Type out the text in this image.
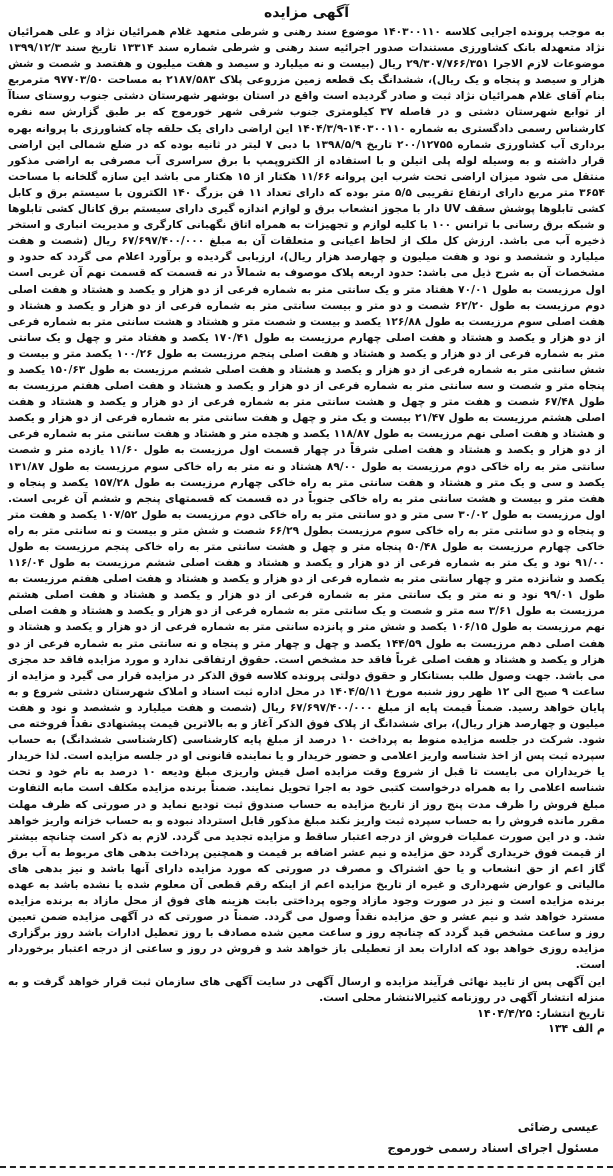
آگهی مزایده

به موجب پرونده اجرایی کلاسه ۱۴۰۳۰۰۱۱۰ موضوع سند رهنی و شرطی متعهد غلام همرائیان نژاد و علی همرائیان نژاد متعهدله بانک کشاورزی مستندات صدور اجرائیه سند رهنی و شرطی شماره سند ۱۳۳۱۴ تاریخ سند ۱۳۹۹/۱۲/۳ موضوعات لازم الاجرا ۲۹/۳۰۷/۷۶۶/۳۵۱ ریال (بیست و نه میلیارد و سیصد و هفت میلیون و هفتصد و شصت و شش هزار و سیصد و پنجاه و یک ریال)، ششدانگ یک قطعه زمین مزروعی پلاک ۲۱۸۷/۵۸۳ به مساحت ۹۷۷۰۳/۵۰ مترمربع بنام آقای غلام همرائیان نژاد ثبت و صادر گردیده است واقع در استان بوشهر شهرستان دشتی جنوب روستای سناآ از توابع شهرستان دشتی و در فاصله ۳۷ کیلومتری جنوب شرقی شهر خورموج که بر طبق گزارش سه نفره کارشناس رسمی دادگستری به شماره ۱۴۰۳۰۰۱۱۰-۱۴۰۴/۳/۹ این اراضی دارای یک حلقه چاه کشاورزی با پروانه بهره برداری آب کشاورزی شماره ۲۰۰/۱۲۷۵۵ تاریخ ۱۳۹۸/۵/۹ با دبی ۷ لیتر در ثانیه بوده که در ضلع شمالی این اراضی قرار داشته و به وسیله لوله پلی اتیلن و با استفاده از الکتروپمپ با برق سراسری آب مصرفی به اراضی مذکور منتقل می شود میزان اراضی تحت شرب این پروانه ۱۱/۶۶ هکتار از ۱۵ هکتار می باشد این سازه گلخانه با مساحت ۳۶۵۴ متر مربع دارای ارتفاع تقریبی ۵/۵ متر بوده که دارای تعداد ۱۱ فن بزرگ ۱۴۰ الکترون با سیستم برق و کابل کشی تابلوها پوشش سقف UV دار با مجوز انشعاب برق و لوازم اندازه گیری دارای سیستم برق کانال کشی تابلوها و شبکه برق رسانی با ترانس ۱۰۰ با کلیه لوازم و تجهیزات به همراه اتاق نگهبانی کارگری و مدیریت انباری و استخر ذخیره آب می باشد. ارزش کل ملک از لحاظ اعیانی و متعلقات آن به مبلغ ۶۷/۶۹۷/۴۰۰/۰۰۰ ریال (شصت و هفت میلیارد و ششصد و نود و هفت میلیون و چهارصد هزار ریال)، ارزیابی گردیده و برآورد اعلام می گردد که حدود و مشخصات آن به شرح ذیل می باشد: حدود اربعه پلاک موصوف به شمالاً در نه قسمت که قسمت نهم آن غربی است اول مرزیست به طول ۷۰/۰۱ هفتاد متر و یک سانتی متر به شماره فرعی از دو هزار و یکصد و هشتاد و هفت اصلی دوم مرزیست به طول ۶۲/۲۰ شصت و دو متر و بیست سانتی متر به شماره فرعی از دو هزار و یکصد و هشتاد و هفت اصلی سوم مرزیست به طول ۱۲۶/۸۸ یکصد و بیست و شصت متر و هشتاد و هشت سانتی متر به شماره فرعی از دو هزار و یکصد و هشتاد و هفت اصلی چهارم مرزیست به طول ۱۷۰/۴۱ یکصد و هفتاد متر و چهل و یک سانتی متر به شماره فرعی از دو هزار و یکصد و هشتاد و هفت اصلی پنجم مرزیست به طول ۱۰۰/۲۶ یکصد متر و بیست و شش سانتی متر به شماره فرعی از دو هزار و یکصد و هشتاد و هفت اصلی ششم مرزیست به طول ۱۵۰/۶۳ یکصد و پنجاه متر و شصت و سه سانتی متر به شماره فرعی از دو هزار و یکصد و هشتاد و هفت اصلی هفتم مرزیست به طول ۶۷/۴۸ شصت و هفت متر و چهل و هشت سانتی متر به شماره فرعی از دو هزار و یکصد و هشتاد و هفت اصلی هشتم مرزیست به طول ۲۱/۴۷ بیست و یک متر و چهل و هفت سانتی متر به شماره فرعی از دو هزار و یکصد و هشتاد و هفت اصلی نهم مرزیست به طول ۱۱۸/۸۷ یکصد و هجده متر و هشتاد و هفت سانتی متر به شماره فرعی از دو هزار و یکصد و هشتاد و هفت اصلی شرقاً در چهار قسمت اول مرزیست به طول ۱۱/۶۰ یازده متر و شصت سانتی متر به راه خاکی دوم مرزیست به طول ۸۹/۰۰ هشتاد و نه متر به راه خاکی سوم مرزیست به طول ۱۳۱/۸۷ یکصد و سی و یک متر و هشتاد و هفت سانتی متر به راه خاکی چهارم مرزیست به طول ۱۵۷/۲۸ یکصد و پنجاه و هفت متر و بیست و هشت سانتی متر به راه خاکی جنوباً در ده قسمت که قسمتهای پنجم و ششم آن غربی است. اول مرزیست به طول ۳۰/۰۲ سی متر و دو سانتی متر به راه خاکی دوم مرزیست به طول ۱۰۷/۵۲ یکصد و هفت متر و پنجاه و دو سانتی متر به راه خاکی سوم مرزیست بطول ۶۶/۲۹ شصت و شش متر و بیست و نه سانتی متر به راه خاکی چهارم مرزیست به طول ۵۰/۴۸ پنجاه متر و چهل و هشت سانتی متر به راه خاکی پنجم مرزیست به طول ۹۱/۰۰ نود و یک متر به شماره فرعی از دو هزار و یکصد و هشتاد و هفت اصلی ششم مرزیست به طول ۱۱۶/۰۴ یکصد و شانزده متر و چهار سانتی متر به شماره فرعی از دو هزار و یکصد و هشتاد و هفت اصلی هفتم مرزیست به طول ۹۹/۰۱ نود و نه متر و یک سانتی متر به شماره فرعی از دو هزار و یکصد و هشتاد و هفت اصلی هشتم مرزیست به طول ۳/۶۱ سه متر و شصت و یک سانتی متر به شماره فرعی از دو هزار و یکصد و هشتاد و هفت اصلی نهم مرزیست به طول ۱۰۶/۱۵ یکصد و شش متر و پانزده سانتی متر به شماره فرعی از دو هزار و یکصد و هشتاد و هفت اصلی دهم مرزیست به طول ۱۴۴/۵۹ یکصد و چهل و چهار متر و پنجاه و نه سانتی متر به شماره فرعی از دو هزار و یکصد و هشتاد و هفت اصلی غرباً فاقد حد مشخص است. حقوق ارتفاقی ندارد و مورد مزایده فاقد حد مجزی می باشد. جهت وصول طلب بستانکار و حقوق دولتی پرونده کلاسه فوق الذکر در مزایده قرار می گیرد و مزایده از ساعت ۹ صبح الی ۱۲ ظهر روز شنبه مورخ ۱۴۰۴/۵/۱۱ در محل اداره ثبت اسناد و املاک شهرستان دشتی شروع و به پایان خواهد رسید. ضمناً قیمت پایه از مبلغ ۶۷/۶۹۷/۴۰۰/۰۰۰ ریال (شصت و هفت میلیارد و ششصد و نود و هفت میلیون و چهارصد هزار ریال)، برای ششدانگ از پلاک فوق الذکر آغاز و به بالاترین قیمت پیشنهادی نقداً فروخته می شود. شرکت در جلسه مزایده منوط به پرداخت ۱۰ درصد از مبلغ پایه کارشناسی (کارشناسی ششدانگ) به حساب سپرده ثبت پس از اخذ شناسه واریز اعلامی و حضور خریدار و یا نماینده قانونی او در جلسه مزایده است. لذا خریدار یا خریداران می بایست تا قبل از شروع وقت مزایده اصل فیش واریزی مبلغ ودیعه ۱۰ درصد به نام خود و تحت شناسه اعلامی را به همراه درخواست کتبی خود به اجرا تحویل نمایند. ضمناً برنده مزایده مکلف است مابه التفاوت مبلغ فروش را ظرف مدت پنج روز از تاریخ مزایده به حساب صندوق ثبت تودیع نماید و در صورتی که ظرف مهلت مقرر مانده فروش را به حساب سپرده ثبت واریز نکند مبلغ مذکور قابل استرداد نبوده و به حساب خزانه واریز خواهد شد. و در این صورت عملیات فروش از درجه اعتبار ساقط و مزایده تجدید می گردد. لازم به ذکر است چنانچه بیشتر از قیمت فوق خریداری گردد حق مزایده و نیم عشر اضافه بر قیمت و همچنین پرداخت بدهی های مربوط به آب برق گاز اعم از حق انشعاب و یا حق اشتراک و مصرف در صورتی که مورد مزایده دارای آنها باشد و نیز بدهی های مالیاتی و عوارض شهرداری و غیره از تاریخ مزایده اعم از اینکه رقم قطعی آن معلوم شده یا نشده باشد به عهده برنده مزایده است و نیز در صورت وجود مازاد وجوه پرداختی بابت هزینه های فوق از محل مازاد به برنده مزایده مسترد خواهد شد و نیم عشر و حق مزایده نقداً وصول می گردد. ضمناً در صورتی که در آگهی مزایده ضمن تعیین روز و ساعت مشخص قید گردد که چنانچه روز و ساعت معین شده مصادف با روز تعطیل ادارات باشد روز برگزاری مزایده روزی خواهد بود که ادارات بعد از تعطیلی باز خواهد شد و فروش در روز و ساعتی از درجه اعتبار برخوردار است.

این آگهی پس از تایید نهائی فرآیند مزایده و ارسال آگهی در سایت آگهی های سازمان ثبت قرار خواهد گرفت و به منزله انتشار آگهی در روزنامه کثیرالانتشار محلی است.

تاریخ انتشار: ۱۴۰۴/۴/۲۵
م الف ۱۳۴
عیسی رضائی
مسئول اجرای اسناد رسمی خورموج
